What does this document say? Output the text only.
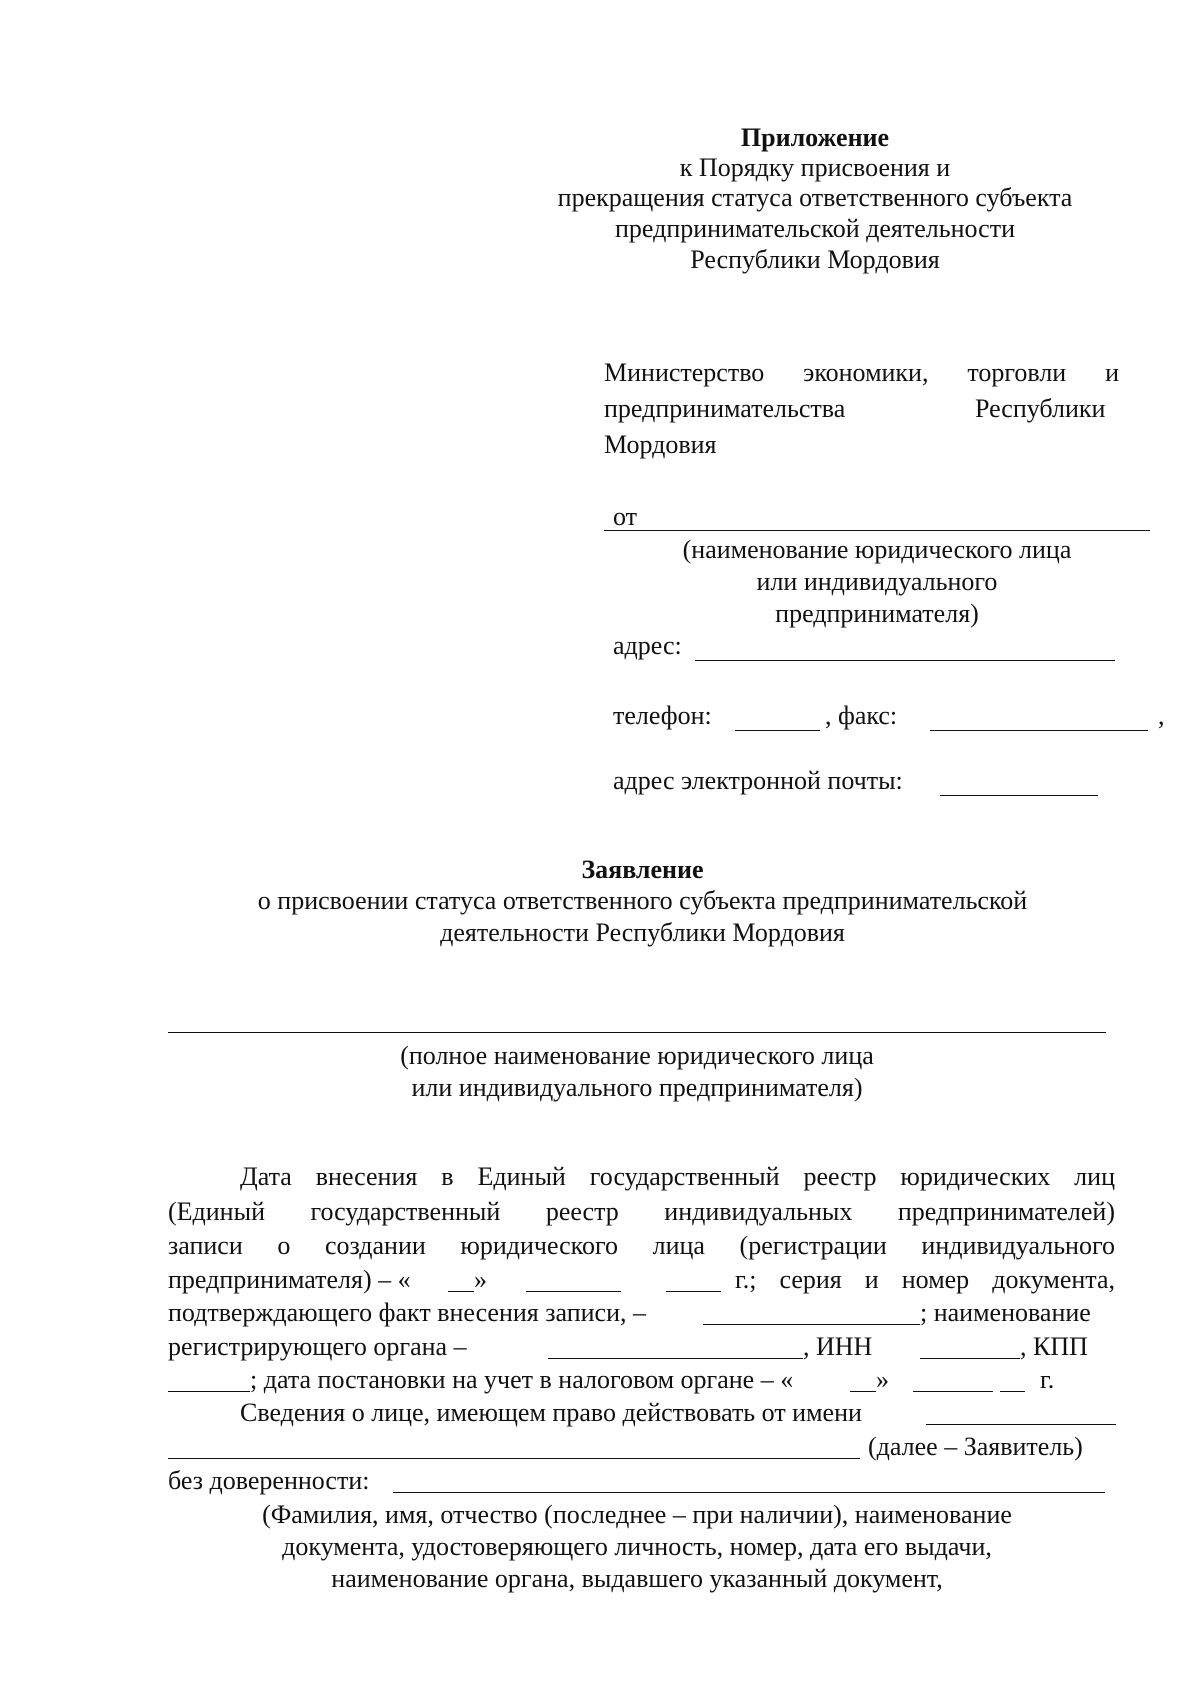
Приложение
к Порядку присвоения и
прекращения статуса ответственного субъекта
предпринимательской деятельности
Республики Мордовия
Министерство экономики, торговли и
предпринимательства	Республики
Мордовия
от
(наименование юридического лица
или индивидуального
предпринимателя)
адрес:
телефон:	, факс:	,
адрес электронной почты:
Заявление
о присвоении статуса ответственного субъекта предпринимательской
деятельности Республики Мордовия
(полное наименование юридического лица
или индивидуального предпринимателя)
Дата внесения в Единый государственный реестр юридических лиц
(Единый государственный реестр индивидуальных предпринимателей)
записи о создании юридического лица (регистрации индивидуального
предпринимателя) – « »	г.; серия и номер документа,
подтверждающего факт внесения записи, –	; наименование
регистрирующего органа –	, ИНН	, КПП
; дата постановки на учет в налоговом органе – «	»	г.
Сведения о лице, имеющем право действовать от имени
(далее – Заявитель)
без доверенности:
(Фамилия, имя, отчество (последнее – при наличии), наименование
документа, удостоверяющего личность, номер, дата его выдачи,
наименование органа, выдавшего указанный документ,
